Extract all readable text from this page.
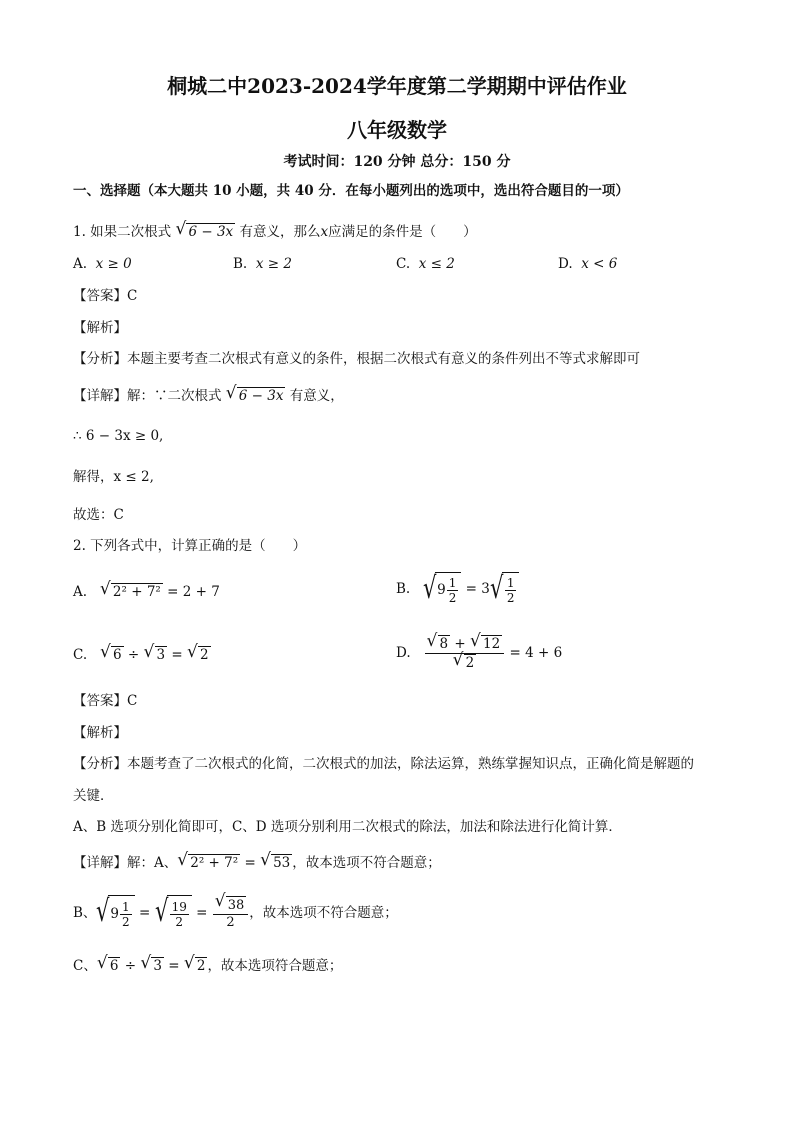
桐城二中2023-2024学年度第二学期期中评估作业
八年级数学
考试时间：120 分钟 总分：150 分
一、选择题（本大题共 10 小题，共 40 分．在每小题列出的选项中，选出符合题目的一项）
1. 如果二次根式 √ 6 − 3x 有意义，那么x应满足的条件是（　　）
A. x ≥ 0	B. x ≥ 2	C. x ≤ 2	D. x < 6
【答案】C
【解析】
【分析】本题主要考查二次根式有意义的条件，根据二次根式有意义的条件列出不等式求解即可
【详解】解：∵二次根式 √ 6 − 3x 有意义，
∴ 6 − 3x ≥ 0,
解得，x ≤ 2,
故选：C
2. 下列各式中，计算正确的是（　　）
A. √ 2² + 7² = 2 + 7	B. √ $9 \frac{1}{2} = 3$ √ $\frac{1}{2}$
C. √ 6 ÷ √ 3 = √ 2	D. √ 8 + √ 12
√ 2 = 4 + 6
【答案】C
【解析】
【分析】本题考查了二次根式的化简，二次根式的加法，除法运算，熟练掌握知识点，正确化简是解题的
关键．
A、B 选项分别化简即可，C、D 选项分别利用二次根式的除法，加法和除法进行化简计算．
【详解】解：A、 √ 2² + 7² = √ 53 ，故本选项不符合题意；
B、 √ $9 \frac{1}{2}$ = √ $\frac{19}{2}$ = √ $\frac{38}{2}$ ，故本选项不符合题意；
C、 √ 6 ÷ √ 3 = √ 2 ，故本选项符合题意；
